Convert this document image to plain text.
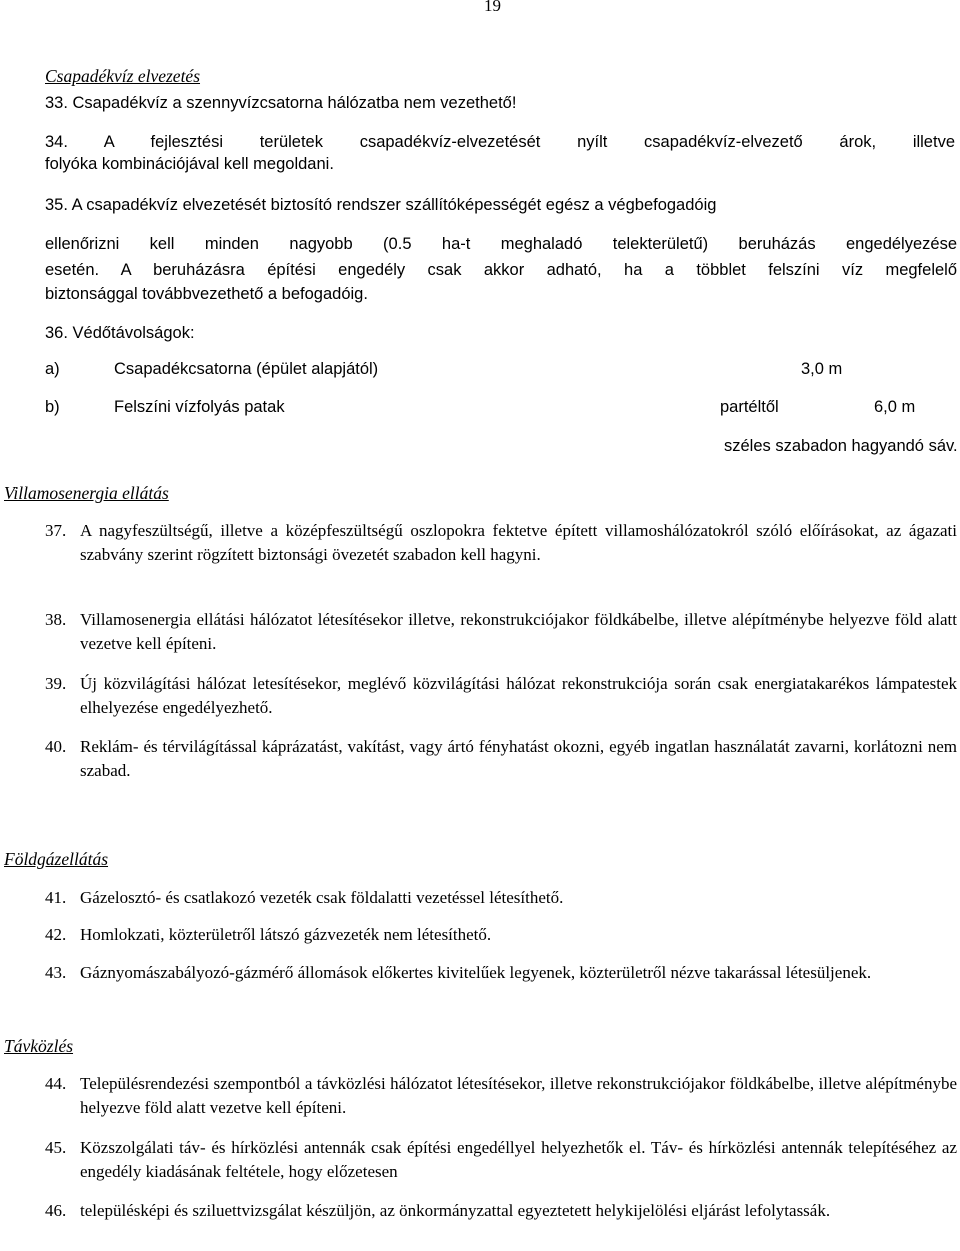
19
Csapadékvíz elvezetés
33. Csapadékvíz a szennyvízcsatorna hálózatba nem vezethető!
34. A fejlesztési területek csapadékvíz-elvezetését nyílt csapadékvíz-elvezető árok, illetve
folyóka kombinációjával kell megoldani.
35. A csapadékvíz elvezetését biztosító rendszer szállítóképességét egész a végbefogadóig
ellenőrizni kell minden nagyobb (0.5 ha-t meghaladó telekterületű) beruházás engedélyezése
esetén. A beruházásra építési engedély csak akkor adható, ha a többlet felszíni víz megfelelő
biztonsággal továbbvezethető a befogadóig.
36. Védőtávolságok:
a)	Csapadékcsatorna (épület alapjától)	3,0 m
b)	Felszíni vízfolyás patak	partéltől	6,0 m
széles szabadon hagyandó sáv.
Villamosenergia ellátás
37. A nagyfeszültségű, illetve a középfeszültségű oszlopokra fektetve épített villamoshálózatokról szóló előírásokat, az ágazati szabvány szerint rögzített biztonsági övezetét szabadon kell hagyni.
38. Villamosenergia ellátási hálózatot létesítésekor illetve, rekonstrukciójakor földkábelbe, illetve alépítménybe helyezve föld alatt vezetve kell építeni.
39. Új közvilágítási hálózat letesítésekor, meglévő közvilágítási hálózat rekonstrukciója során csak energiatakarékos lámpatestek elhelyezése engedélyezhető.
40. Reklám- és térvilágítással káprázatást, vakítást, vagy ártó fényhatást okozni, egyéb ingatlan használatát zavarni, korlátozni nem szabad.
Földgázellátás
41. Gázelosztó- és csatlakozó vezeték csak földalatti vezetéssel létesíthető.
42. Homlokzati, közterületről látszó gázvezeték nem létesíthető.
43. Gáznyomászabályozó-gázmérő állomások előkertes kivitelűek legyenek, közterületről nézve takarással létesüljenek.
Távközlés
44. Településrendezési szempontból a távközlési hálózatot létesítésekor, illetve rekonstrukciójakor földkábelbe, illetve alépítménybe helyezve föld alatt vezetve kell építeni.
45. Közszolgálati táv- és hírközlési antennák csak építési engedéllyel helyezhetők el. Táv- és hírközlési antennák telepítéséhez az engedély kiadásának feltétele, hogy előzetesen
46. településképi és sziluettvizsgálat készüljön, az önkormányzattal egyeztetett helykijelölési eljárást lefolytassák.
